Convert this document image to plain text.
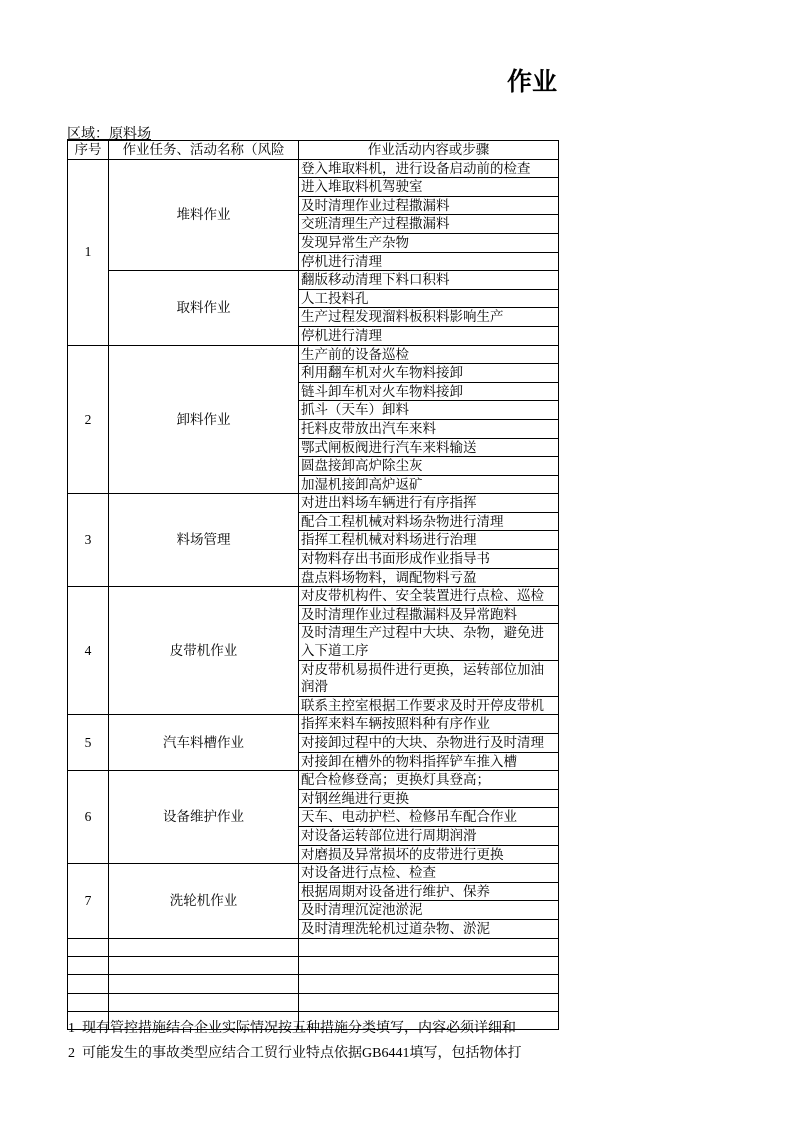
作业
区域：原料场
序号	作业任务、活动名称（风险	作业活动内容或步骤
1	堆料作业	登入堆取料机，进行设备启动前的检查
		进入堆取料机驾驶室
		及时清理作业过程撒漏料
		交班清理生产过程撒漏料
		发现异常生产杂物
		停机进行清理
	取料作业	翻版移动清理下料口积料
		人工投料孔
		生产过程发现溜料板积料影响生产
		停机进行清理
2	卸料作业	生产前的设备巡检
		利用翻车机对火车物料接卸
		链斗卸车机对火车物料接卸
		抓斗（天车）卸料
		托料皮带放出汽车来料
		鄂式闸板阀进行汽车来料输送
		圆盘接卸高炉除尘灰
		加湿机接卸高炉返矿
3	料场管理	对进出料场车辆进行有序指挥
		配合工程机械对料场杂物进行清理
		指挥工程机械对料场进行治理
		对物料存出书面形成作业指导书
		盘点料场物料，调配物料亏盈
4	皮带机作业	对皮带机构件、安全装置进行点检、巡检
		及时清理作业过程撒漏料及异常跑料
		及时清理生产过程中大块、杂物，避免进入下道工序
		对皮带机易损件进行更换，运转部位加油润滑
		联系主控室根据工作要求及时开停皮带机
5	汽车料槽作业	指挥来料车辆按照料种有序作业
		对接卸过程中的大块、杂物进行及时清理
		对接卸在槽外的物料指挥铲车推入槽
6	设备维护作业	配合检修登高；更换灯具登高；
		对钢丝绳进行更换
		天车、电动护栏、检修吊车配合作业
		对设备运转部位进行周期润滑
		对磨损及异常损坏的皮带进行更换
7	洗轮机作业	对设备进行点检、检查
		根据周期对设备进行维护、保养
		及时清理沉淀池淤泥
		及时清理洗轮机过道杂物、淤泥

1  现有管控措施结合企业实际情况按五种措施分类填写，内容必须详细和
2  可能发生的事故类型应结合工贸行业特点依据GB6441填写，包括物体打
